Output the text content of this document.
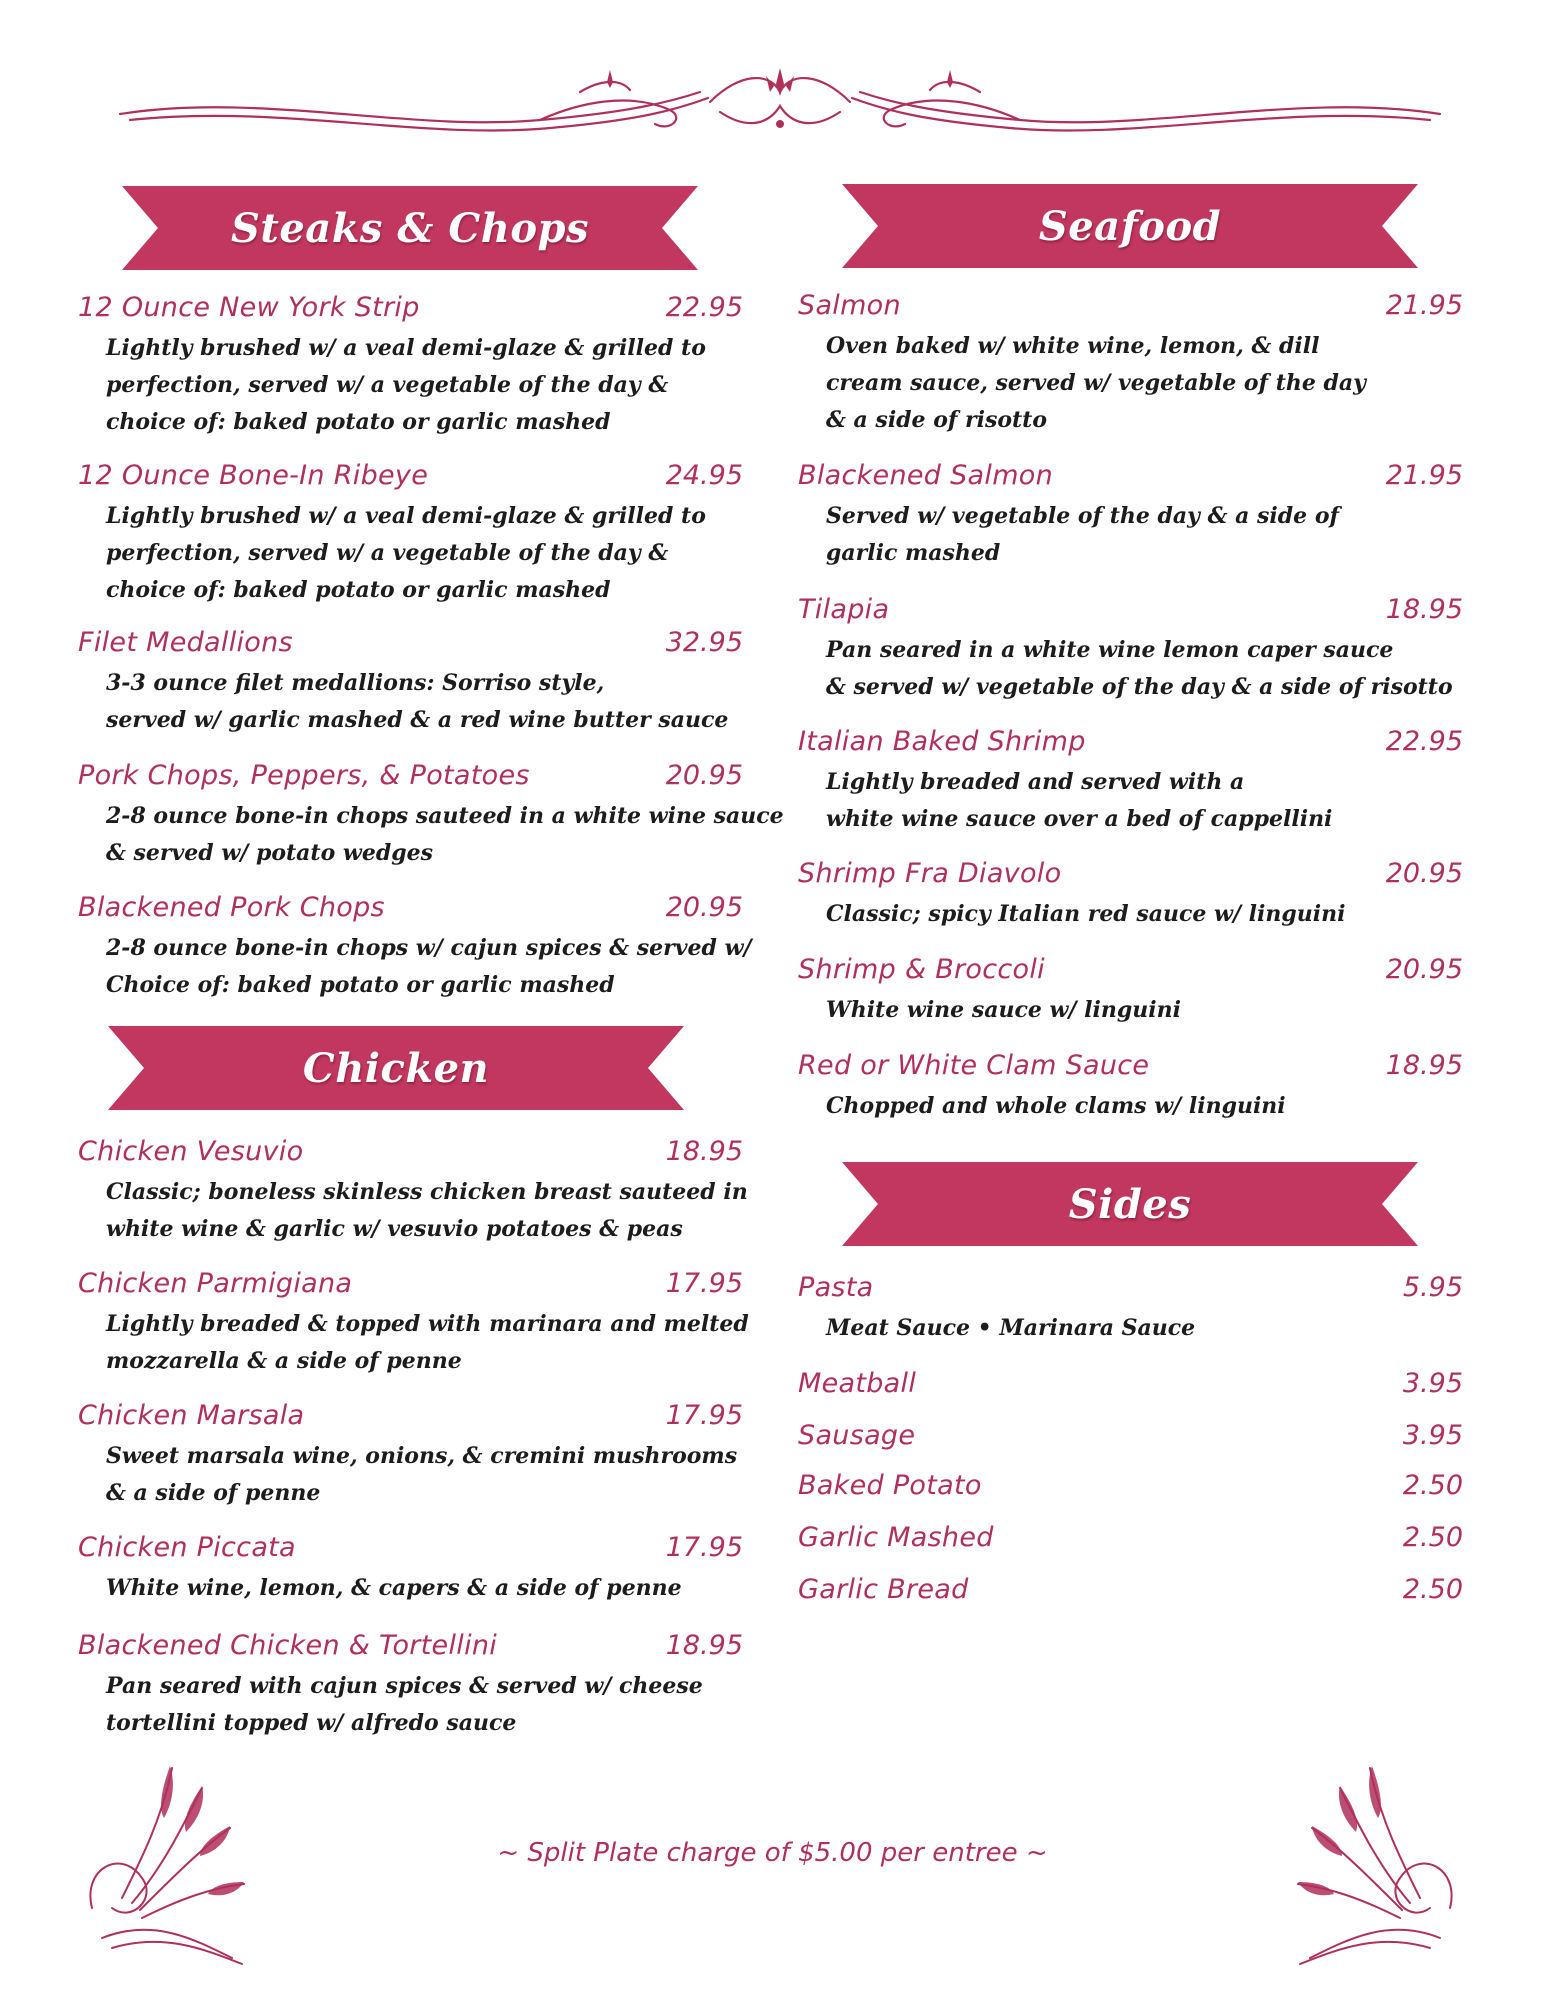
Steaks & Chops
12 Ounce New York Strip	22.95
Lightly brushed w/ a veal demi-glaze & grilled to
perfection, served w/ a vegetable of the day &
choice of: baked potato or garlic mashed
12 Ounce Bone-In Ribeye	24.95
Lightly brushed w/ a veal demi-glaze & grilled to
perfection, served w/ a vegetable of the day &
choice of: baked potato or garlic mashed
Filet Medallions	32.95
3-3 ounce filet medallions: Sorriso style,
served w/ garlic mashed & a red wine butter sauce
Pork Chops, Peppers, & Potatoes	20.95
2-8 ounce bone-in chops sauteed in a white wine sauce
& served w/ potato wedges
Blackened Pork Chops	20.95
2-8 ounce bone-in chops w/ cajun spices & served w/
Choice of: baked potato or garlic mashed
Chicken
Chicken Vesuvio	18.95
Classic; boneless skinless chicken breast sauteed in
white wine & garlic w/ vesuvio potatoes & peas
Chicken Parmigiana	17.95
Lightly breaded & topped with marinara and melted
mozzarella & a side of penne
Chicken Marsala	17.95
Sweet marsala wine, onions, & cremini mushrooms
& a side of penne
Chicken Piccata	17.95
White wine, lemon, & capers & a side of penne
Blackened Chicken & Tortellini	18.95
Pan seared with cajun spices & served w/ cheese
tortellini topped w/ alfredo sauce
Seafood
Salmon	21.95
Oven baked w/ white wine, lemon, & dill
cream sauce, served w/ vegetable of the day
& a side of risotto
Blackened Salmon	21.95
Served w/ vegetable of the day & a side of
garlic mashed
Tilapia	18.95
Pan seared in a white wine lemon caper sauce
& served w/ vegetable of the day & a side of risotto
Italian Baked Shrimp	22.95
Lightly breaded and served with a
white wine sauce over a bed of cappellini
Shrimp Fra Diavolo	20.95
Classic; spicy Italian red sauce w/ linguini
Shrimp & Broccoli	20.95
White wine sauce w/ linguini
Red or White Clam Sauce	18.95
Chopped and whole clams w/ linguini
Sides
Pasta	5.95
Meat Sauce • Marinara Sauce
Meatball	3.95
Sausage	3.95
Baked Potato	2.50
Garlic Mashed	2.50
Garlic Bread	2.50
~ Split Plate charge of $5.00 per entree ~
